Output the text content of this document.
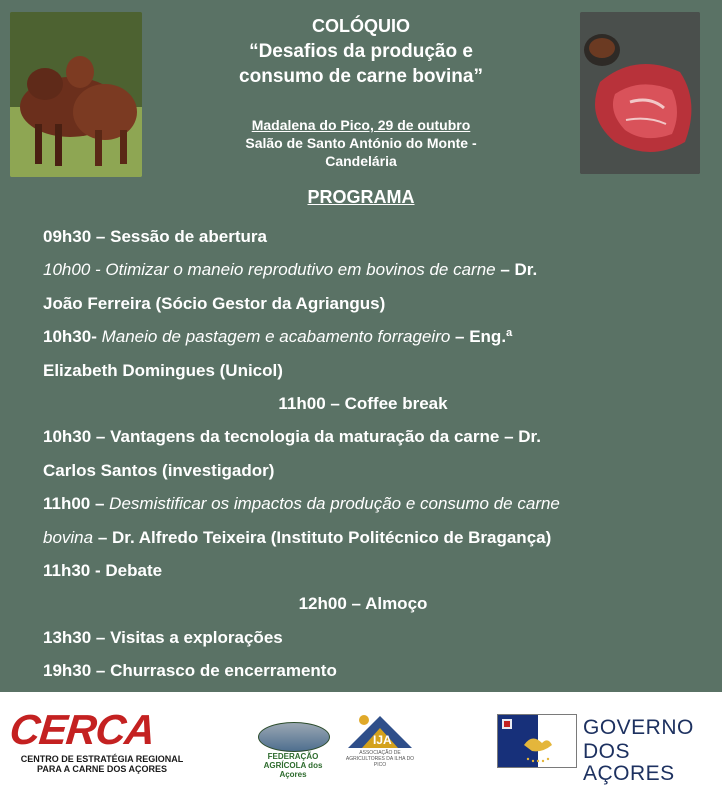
COLÓQUIO
“Desafios da produção e
consumo de carne bovina”
Madalena do Pico, 29 de outubro
Salão de Santo António do Monte -
Candelária
PROGRAMA
09h30 – Sessão de abertura
10h00 - Otimizar o maneio reprodutivo em bovinos de carne – Dr.
João Ferreira (Sócio Gestor da Agriangus)
10h30- Maneio de pastagem e acabamento forrageiro – Eng.ª
Elizabeth Domingues (Unicol)
11h00 – Coffee break
10h30 – Vantagens da tecnologia da maturação da carne – Dr.
Carlos Santos (investigador)
11h00 – Desmistificar os impactos da produção e consumo de carne
bovina – Dr. Alfredo Teixeira (Instituto Politécnico de Bragança)
11h30 - Debate
12h00 – Almoço
13h30 – Visitas a explorações
19h30 – Churrasco de encerramento
CERCA
CENTRO DE ESTRATÉGIA REGIONAL
PARA A CARNE DOS AÇORES
FEDERAÇÃO AGRÍCOLA dos Açores
IJA
ASSOCIAÇÃO DE AGRICULTORES DA ILHA DO PICO
GOVERNO
DOS AÇORES
